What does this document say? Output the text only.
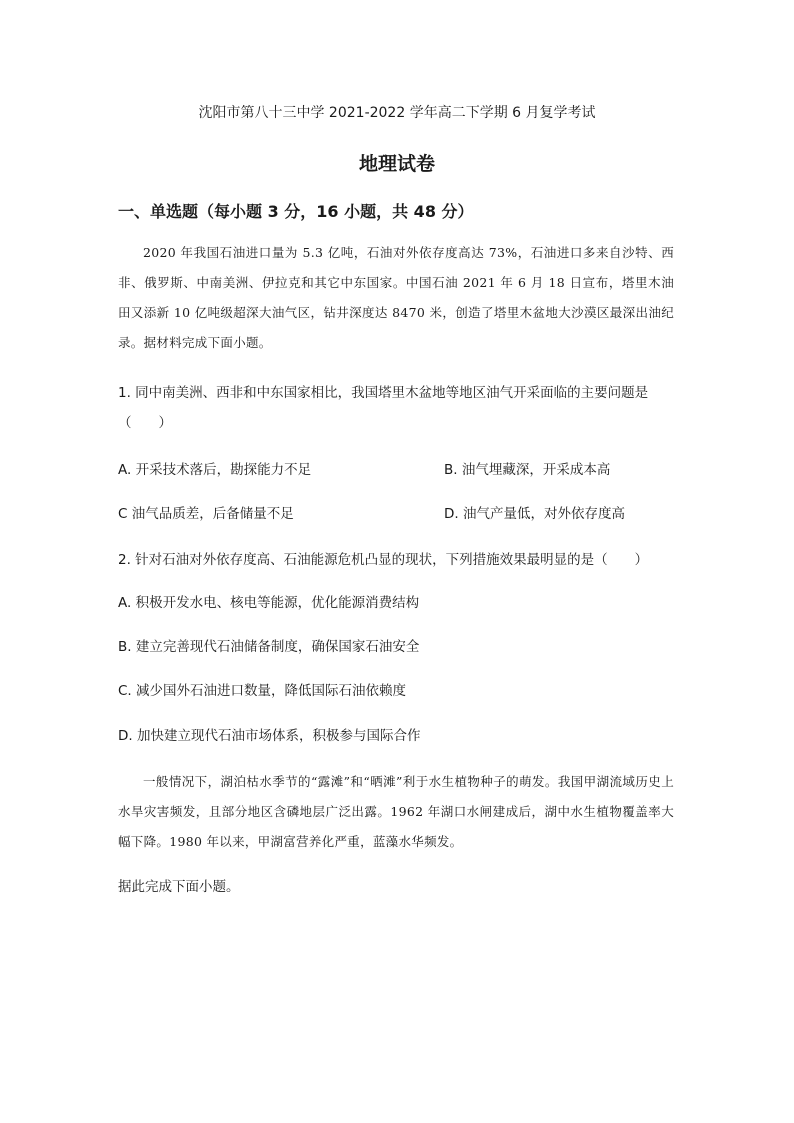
沈阳市第八十三中学 2021-2022 学年高二下学期 6 月复学考试
地理试卷
一、单选题（每小题 3 分，16 小题，共 48 分）
2020 年我国石油进口量为 5.3 亿吨，石油对外依存度高达 73%，石油进口多来自沙特、西非、俄罗斯、中南美洲、伊拉克和其它中东国家。中国石油 2021 年 6 月 18 日宣布，塔里木油田又添新 10 亿吨级超深大油气区，钻井深度达 8470 米，创造了塔里木盆地大沙漠区最深出油纪录。据材料完成下面小题。
1. 同中南美洲、西非和中东国家相比，我国塔里木盆地等地区油气开采面临的主要问题是（　　）
A. 开采技术落后，勘探能力不足	B. 油气埋藏深，开采成本高
C 油气品质差，后备储量不足	D. 油气产量低，对外依存度高
2. 针对石油对外依存度高、石油能源危机凸显的现状，下列措施效果最明显的是（　　）
A. 积极开发水电、核电等能源，优化能源消费结构
B. 建立完善现代石油储备制度，确保国家石油安全
C. 减少国外石油进口数量，降低国际石油依赖度
D. 加快建立现代石油市场体系，积极参与国际合作
一般情况下，湖泊枯水季节的“露滩”和“晒滩”利于水生植物种子的萌发。我国甲湖流域历史上水旱灾害频发，且部分地区含磷地层广泛出露。1962 年湖口水闸建成后，湖中水生植物覆盖率大幅下降。1980 年以来，甲湖富营养化严重，蓝藻水华频发。
据此完成下面小题。
